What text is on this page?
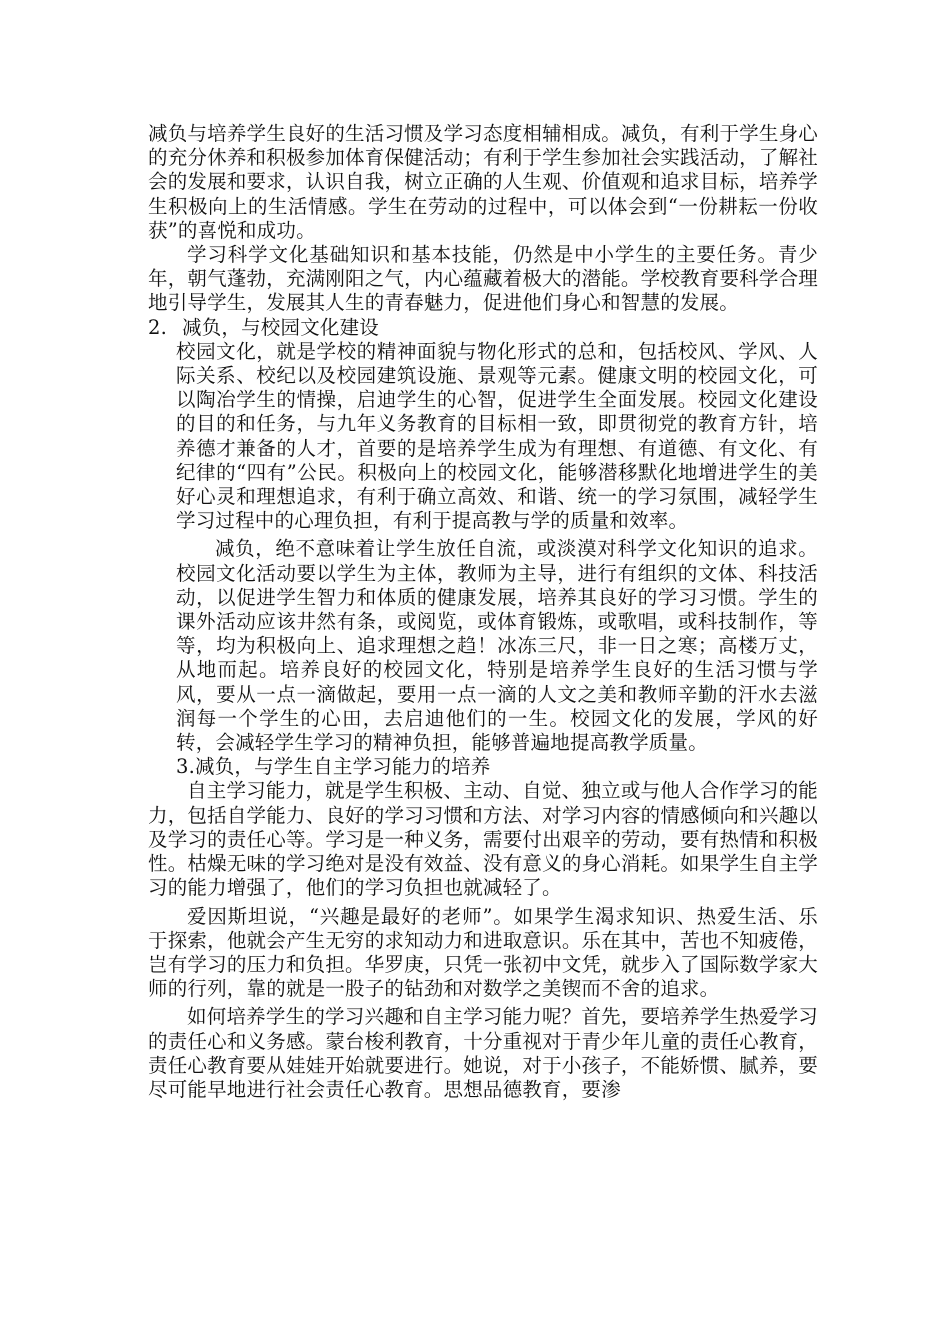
减负与培养学生良好的生活习惯及学习态度相辅相成。减负，有利于学生身心的充分休养和积极参加体育保健活动；有利于学生参加社会实践活动，了解社会的发展和要求，认识自我，树立正确的人生观、价值观和追求目标，培养学生积极向上的生活情感。学生在劳动的过程中，可以体会到“一份耕耘一份收获”的喜悦和成功。

学习科学文化基础知识和基本技能，仍然是中小学生的主要任务。青少年，朝气蓬勃，充满刚阳之气，内心蕴藏着极大的潜能。学校教育要科学合理地引导学生，发展其人生的青春魅力，促进他们身心和智慧的发展。

2. 减负，与校园文化建设

校园文化，就是学校的精神面貌与物化形式的总和，包括校风、学风、人际关系、校纪以及校园建筑设施、景观等元素。健康文明的校园文化，可以陶冶学生的情操，启迪学生的心智，促进学生全面发展。校园文化建设的目的和任务，与九年义务教育的目标相一致，即贯彻党的教育方针，培养德才兼备的人才，首要的是培养学生成为有理想、有道德、有文化、有纪律的“四有”公民。积极向上的校园文化，能够潜移默化地增进学生的美好心灵和理想追求，有利于确立高效、和谐、统一的学习氛围，减轻学生学习过程中的心理负担，有利于提高教与学的质量和效率。

减负，绝不意味着让学生放任自流，或淡漠对科学文化知识的追求。校园文化活动要以学生为主体，教师为主导，进行有组织的文体、科技活动，以促进学生智力和体质的健康发展，培养其良好的学习习惯。学生的课外活动应该井然有条，或阅览，或体育锻炼，或歌唱，或科技制作，等等，均为积极向上、追求理想之趋！冰冻三尺，非一日之寒；高楼万丈，从地而起。培养良好的校园文化，特别是培养学生良好的生活习惯与学风，要从一点一滴做起，要用一点一滴的人文之美和教师辛勤的汗水去滋润每一个学生的心田，去启迪他们的一生。校园文化的发展，学风的好转，会减轻学生学习的精神负担，能够普遍地提高教学质量。

3.减负，与学生自主学习能力的培养

自主学习能力，就是学生积极、主动、自觉、独立或与他人合作学习的能力，包括自学能力、良好的学习习惯和方法、对学习内容的情感倾向和兴趣以及学习的责任心等。学习是一种义务，需要付出艰辛的劳动，要有热情和积极性。枯燥无味的学习绝对是没有效益、没有意义的身心消耗。如果学生自主学习的能力增强了，他们的学习负担也就减轻了。

爱因斯坦说，“兴趣是最好的老师”。如果学生渴求知识、热爱生活、乐于探索，他就会产生无穷的求知动力和进取意识。乐在其中，苦也不知疲倦，岂有学习的压力和负担。华罗庚，只凭一张初中文凭，就步入了国际数学家大师的行列，靠的就是一股子的钻劲和对数学之美锲而不舍的追求。

如何培养学生的学习兴趣和自主学习能力呢？首先，要培养学生热爱学习的责任心和义务感。蒙台梭利教育，十分重视对于青少年儿童的责任心教育，责任心教育要从娃娃开始就要进行。她说，对于小孩子，不能娇惯、腻养，要尽可能早地进行社会责任心教育。思想品德教育，要渗
